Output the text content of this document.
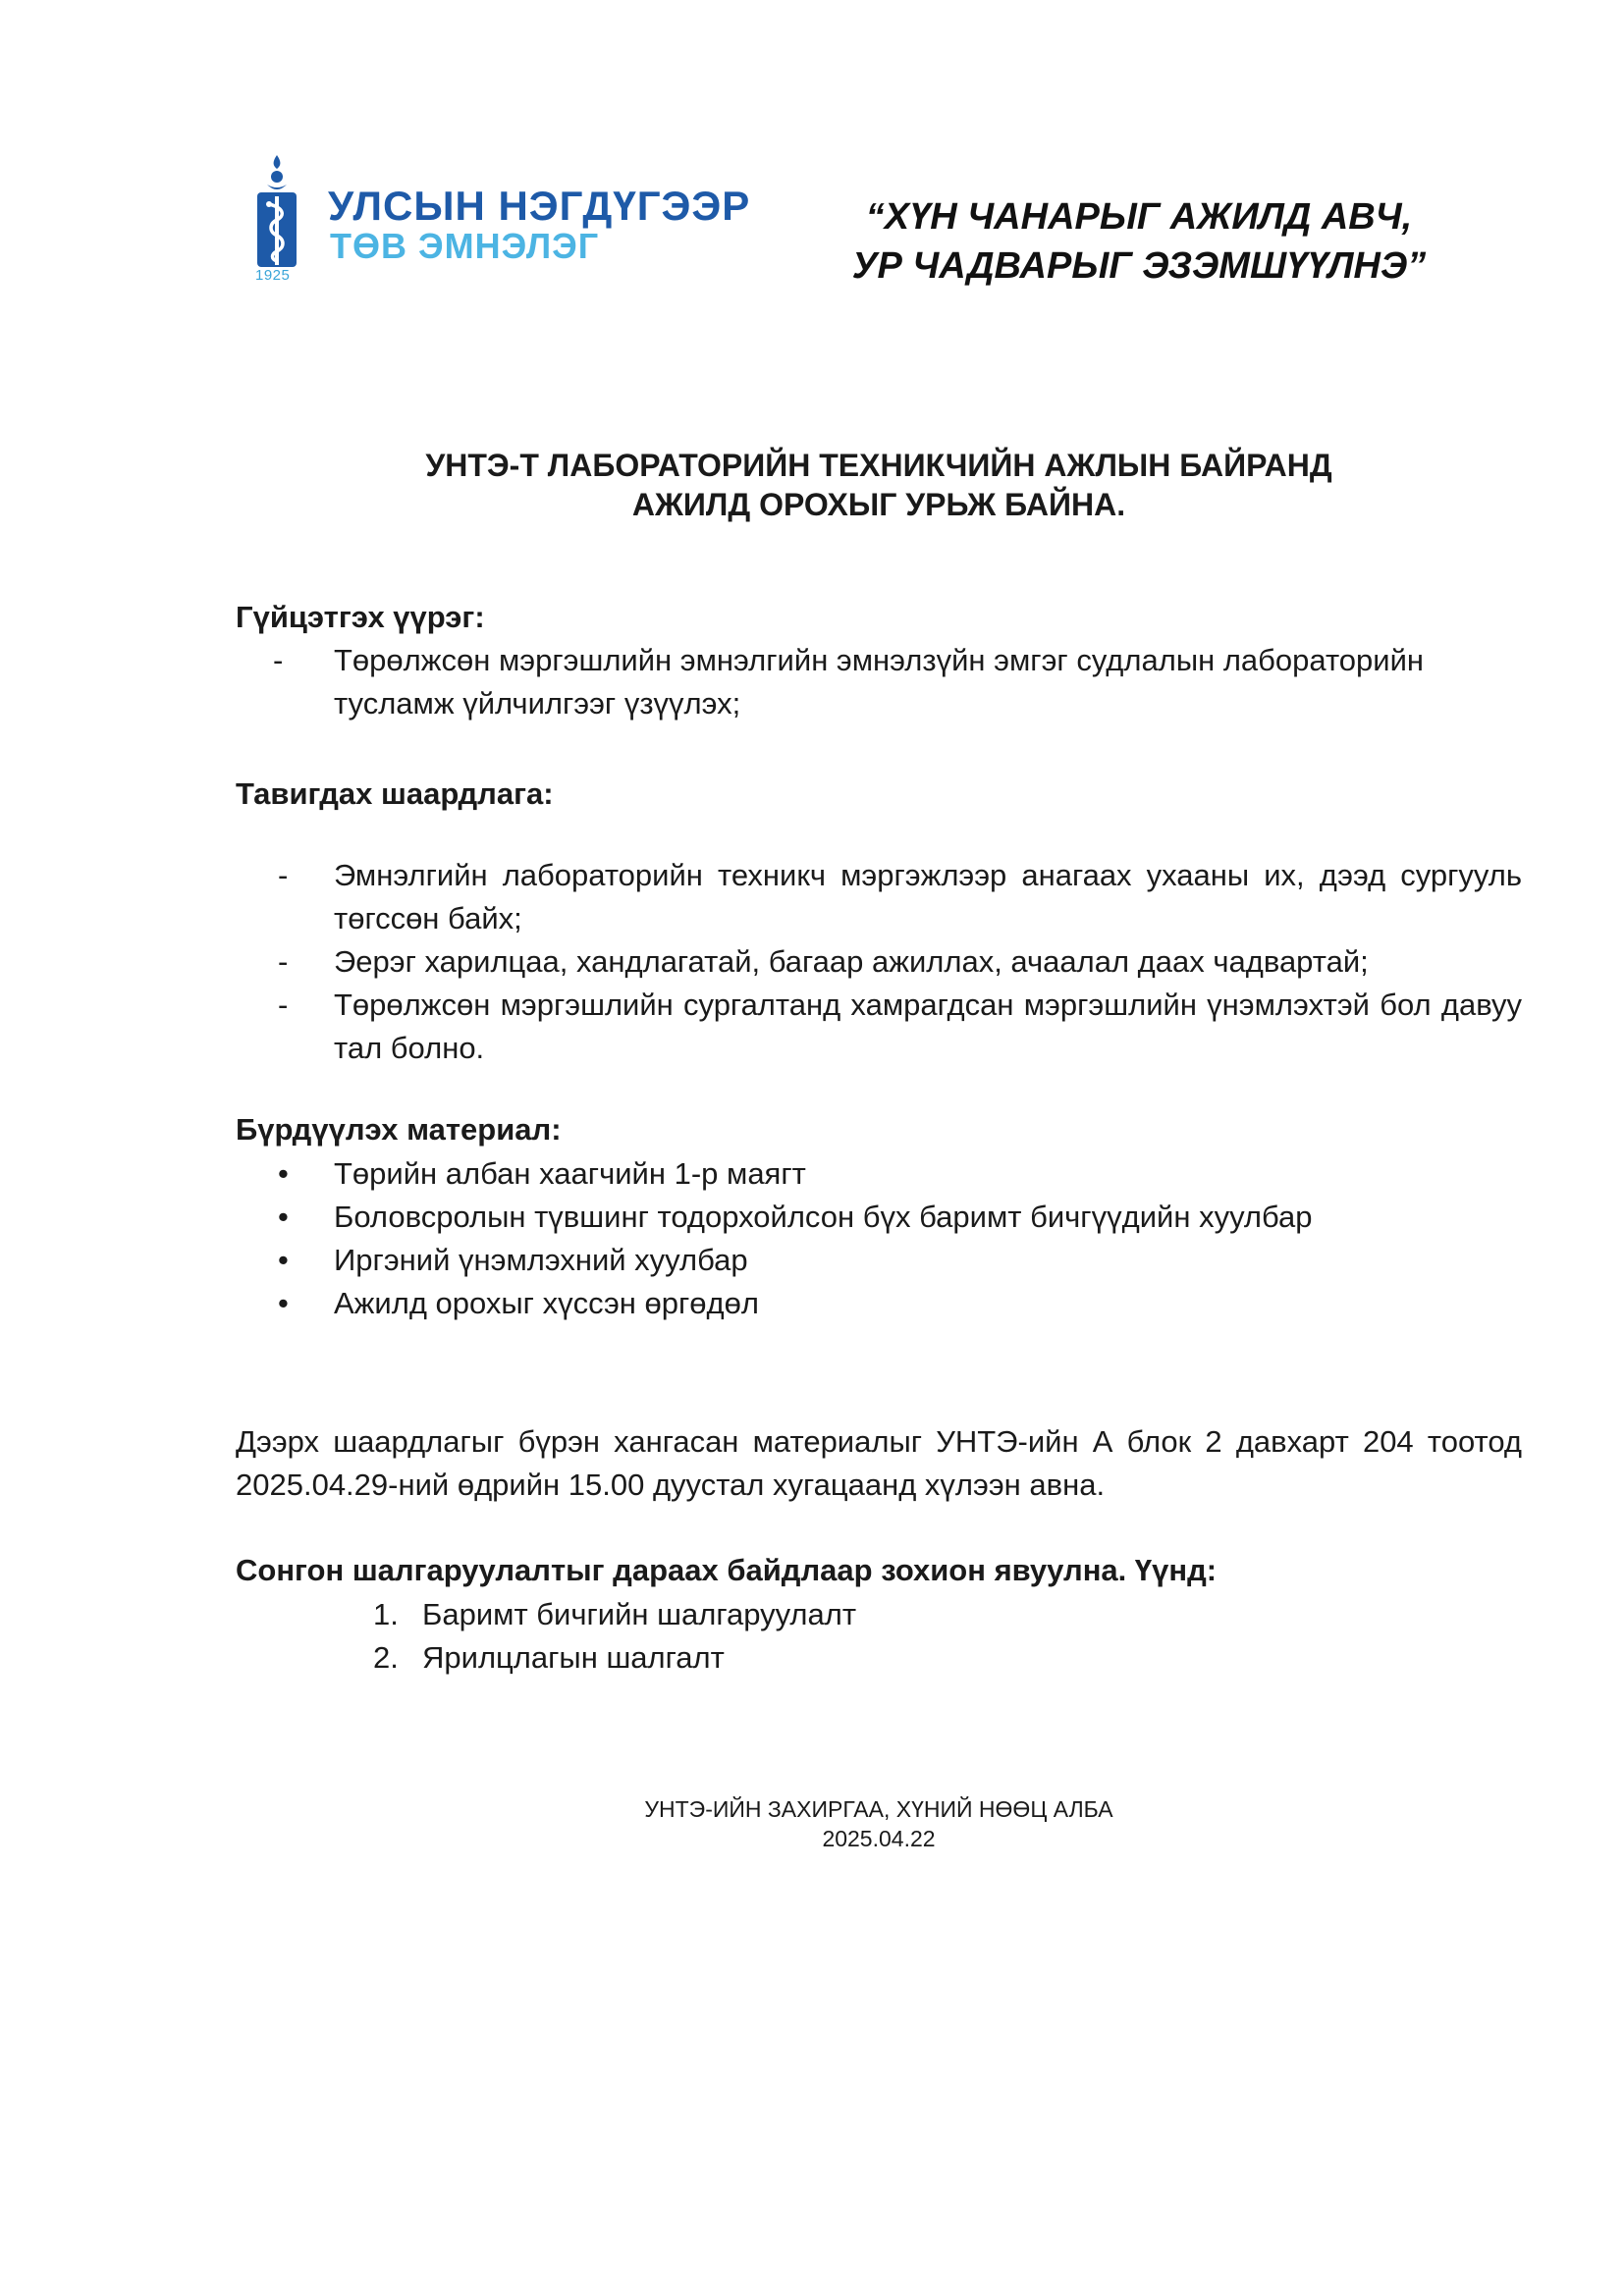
1925
УЛСЫН НЭГДҮГЭЭР
ТӨВ ЭМНЭЛЭГ
“ХҮН ЧАНАРЫГ АЖИЛД АВЧ,
УР ЧАДВАРЫГ ЭЗЭМШҮҮЛНЭ”
УНТЭ-Т ЛАБОРАТОРИЙН ТЕХНИКЧИЙН АЖЛЫН БАЙРАНД
АЖИЛД ОРОХЫГ УРЬЖ БАЙНА.
Гүйцэтгэх үүрэг:
- Төрөлжсөн мэргэшлийн эмнэлгийн эмнэлзүйн эмгэг судлалын лабораторийн тусламж үйлчилгээг үзүүлэх;
Тавигдах шаардлага:
- Эмнэлгийн лабораторийн техникч мэргэжлээр анагаах ухааны их, дээд сургууль төгссөн байх;
- Эерэг харилцаа, хандлагатай, багаар ажиллах, ачаалал даах чадвартай;
- Төрөлжсөн мэргэшлийн сургалтанд хамрагдсан мэргэшлийн үнэмлэхтэй бол давуу тал болно.
Бүрдүүлэх материал:
• Төрийн албан хаагчийн 1-р маягт
• Боловсролын түвшинг тодорхойлсон бүх баримт бичгүүдийн хуулбар
• Иргэний үнэмлэхний хуулбар
• Ажилд орохыг хүссэн өргөдөл
Дээрх шаардлагыг бүрэн хангасан материалыг УНТЭ-ийн А блок 2 давхарт 204 тоотод 2025.04.29-ний өдрийн 15.00 дуустал хугацаанд хүлээн авна.
Сонгон шалгаруулалтыг дараах байдлаар зохион явуулна. Үүнд:
1. Баримт бичгийн шалгаруулалт
2. Ярилцлагын шалгалт
УНТЭ-ИЙН ЗАХИРГАА, ХҮНИЙ НӨӨЦ АЛБА
2025.04.22
